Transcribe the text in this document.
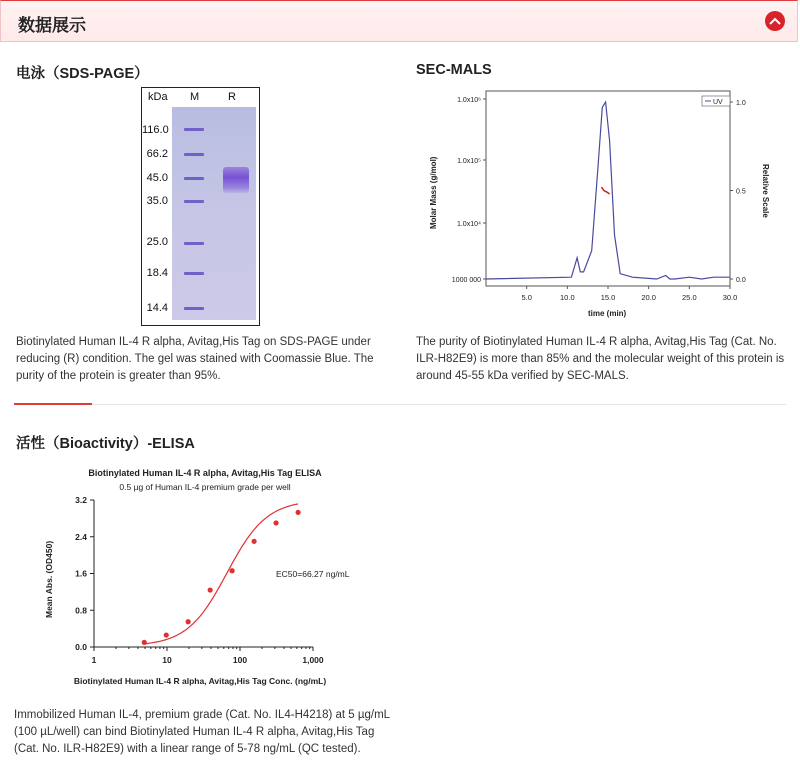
数据展示
电泳（SDS-PAGE）
kDa M	R
116.0
66.2
45.0
35.0
25.0
18.4
14.4
Biotinylated Human IL-4 R alpha, Avitag,His Tag on SDS-PAGE under reducing (R) condition. The gel was stained with Coomassie Blue. The purity of the protein is greater than 95%.
SEC-MALS
1000 000
1.0x10⁴
1.0x10⁵
1.0x10⁶
5.0	10.0	15.0	20.0	25.0	30.0
0.0
0.5
1.0
UV
Molar Mass (g/mol)	Relative Scale
time (min)
The purity of Biotinylated Human IL-4 R alpha, Avitag,His Tag (Cat. No. ILR-H82E9) is more than 85% and the molecular weight of this protein is around 45-55 kDa verified by SEC-MALS.
活性（Bioactivity）-ELISA
Biotinylated Human IL-4 R alpha, Avitag,His Tag ELISA
0.5 µg of Human IL-4 premium grade per well
0.0
0.8
1.6
2.4
3.2
1	10	100	1,000
EC50=66.27 ng/mL
Mean Abs. (OD450)
Biotinylated Human IL-4 R alpha, Avitag,His Tag Conc. (ng/mL)
Immobilized Human IL-4, premium grade (Cat. No. IL4-H4218) at 5 µg/mL (100 µL/well) can bind Biotinylated Human IL-4 R alpha, Avitag,His Tag (Cat. No. ILR-H82E9) with a linear range of 5-78 ng/mL (QC tested).
